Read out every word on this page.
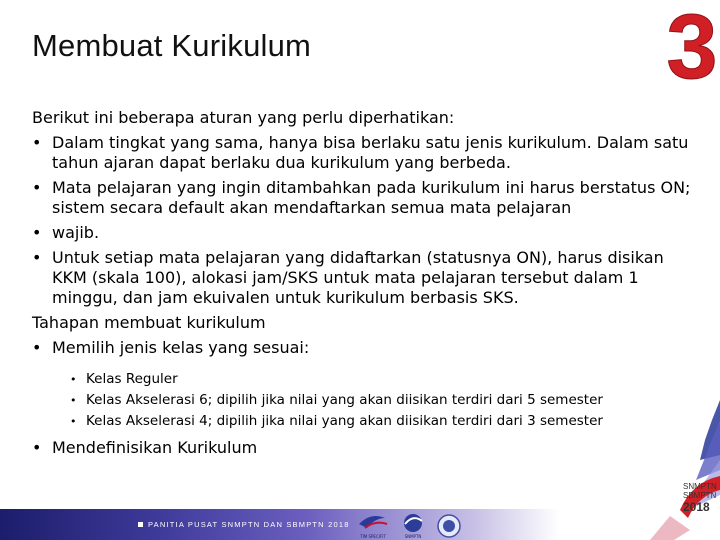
Membuat Kurikulum	3
Berikut ini beberapa aturan yang perlu diperhatikan:
• Dalam tingkat yang sama, hanya bisa berlaku satu jenis kurikulum. Dalam satu tahun ajaran dapat berlaku dua kurikulum yang berbeda.
• Mata pelajaran yang ingin ditambahkan pada kurikulum ini harus berstatus ON; sistem secara default akan mendaftarkan semua mata pelajaran
• wajib.
• Untuk setiap mata pelajaran yang didaftarkan (statusnya ON), harus disikan KKM (skala 100), alokasi jam/SKS untuk mata pelajaran tersebut dalam 1 minggu, dan jam ekuivalen untuk kurikulum berbasis SKS.
Tahapan membuat kurikulum
• Memilih jenis kelas yang sesuai:
• Kelas Reguler
• Kelas Akselerasi 6; dipilih jika nilai yang akan diisikan terdiri dari 5 semester
• Kelas Akselerasi 4; dipilih jika nilai yang akan diisikan terdiri dari 3 semester
• Mendefinisikan Kurikulum
PANITIA PUSAT SNMPTN DAN SBMPTN 2018
TIM SPECIFIT	SNMPTN
SNMPTN
SBMPTN
2018
